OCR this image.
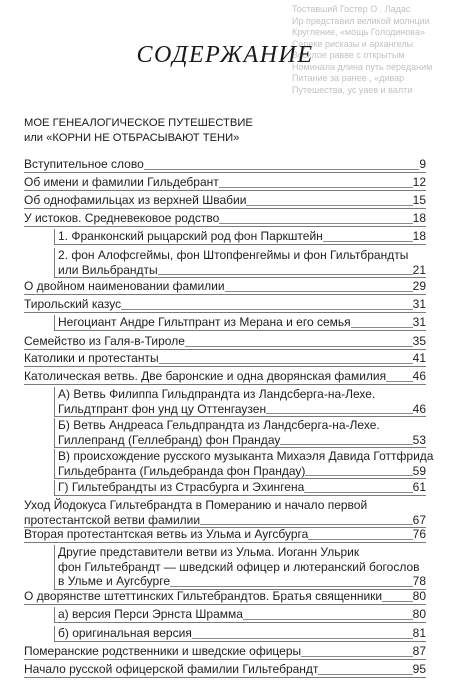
Тоставший Гостер О . Ладас
Ир представил великой молнции
Кругление, «мощь Голодинова»
Сереке рисказы и архангелы
Восклое равве с открытым
Номинала длина путь переданим
Питание за ранее , «дивар
Путешества, ус уаев и валти
СОДЕРЖАНИЕ
МОЕ ГЕНЕАЛОГИЧЕСКОЕ ПУТЕШЕСТВИЕ
или «КОРНИ НЕ ОТБРАСЫВАЮТ ТЕНИ»
Вступительное слово	9
Об имени и фамилии Гильдебрант	12
Об однофамильцах из верхней Швабии	15
У истоков. Средневековое родство	18
1. Франконский рыцарский род фон Паркштейн	18
2. фон Алофсгеймы, фон Штопфенгеймы и фон Гильтбрандты
или Вильбрандты	21
О двойном наименовании фамилии	29
Тирольский казус	31
Негоциант Андре Гильтпрант из Мерана и его семья	31
Семейство из Галя-в-Тироле	35
Католики и протестанты	41
Католическая ветвь. Две баронские и одна дворянская фамилия 46
А) Ветвь Филиппа Гильдпрандта из Ландсберга-на-Лехе.
Гильдтпрант фон унд цу Оттенгаузен	46
Б) Ветвь Андреаса Гельдпрандта из Ландсберга-на-Лехе.
Гиллепранд (Геллебранд) фон Прандау	53
В) происхождение русского музыканта Михаэля Давида Готтфрида
Гильдебранта (Гильдебранда фон Прандау)	59
Г) Гильтебрандты из Страсбурга и Эхингена	61
Уход Йодокуса Гильтебрандта в Померанию и начало первой
протестантской ветви фамилии	67
Вторая протестантская ветвь из Ульма и Аугсбурга	76
Другие представители ветви из Ульма. Иоганн Ульрик
фон Гильтебрандт — шведский офицер и лютеранский богослов
в Ульме и Аугсбурге	78
О дворянстве штеттинских Гильтебрандтов. Братья священники	80
а) версия Перси Эрнста Шрамма	80
б) оригинальная версия	81
Померанские родственники и шведские офицеры	87
Начало русской офицерской фамилии Гильтебрандт	95
